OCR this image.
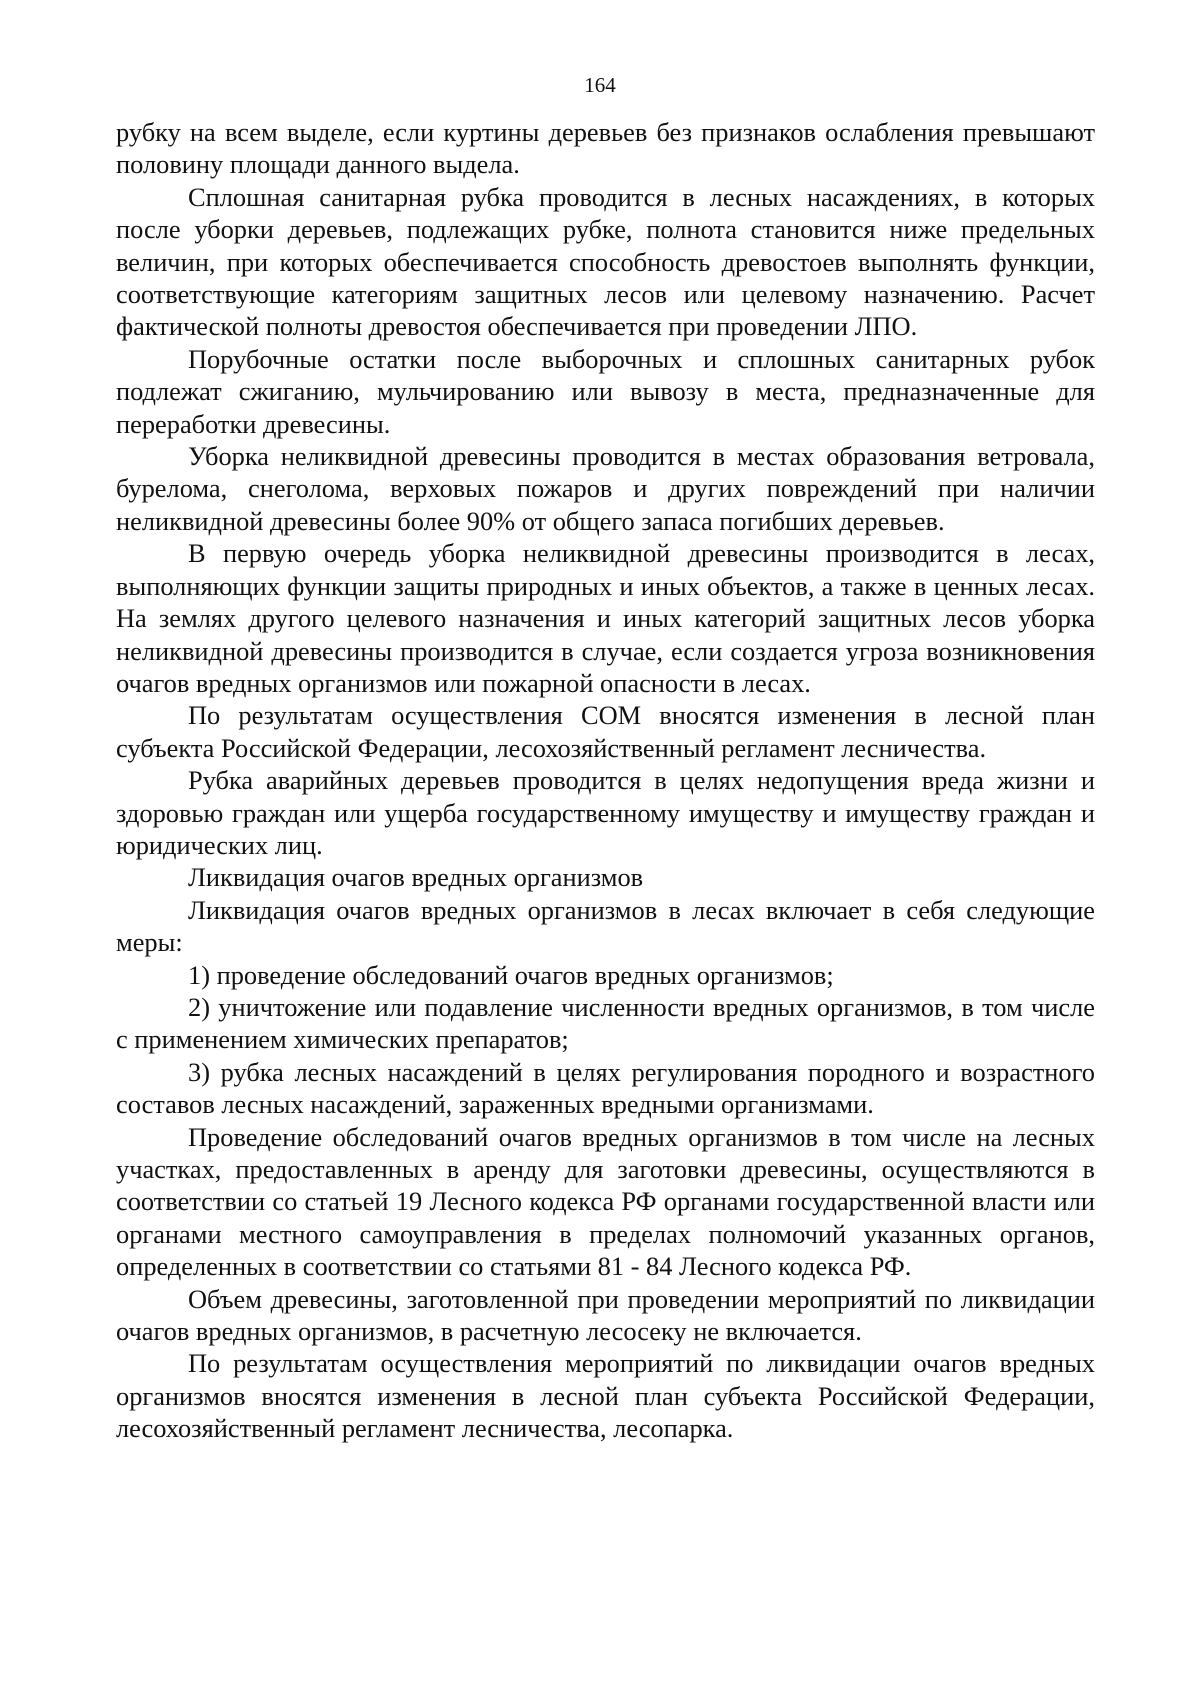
164

рубку на всем выделе, если куртины деревьев без признаков ослабления превышают половину площади данного выдела.

Сплошная санитарная рубка проводится в лесных насаждениях, в которых после уборки деревьев, подлежащих рубке, полнота становится ниже предельных величин, при которых обеспечивается способность древостоев выполнять функции, соответствующие категориям защитных лесов или целевому назначению. Расчет фактической полноты древостоя обеспечивается при проведении ЛПО.

Порубочные остатки после выборочных и сплошных санитарных рубок подлежат сжиганию, мульчированию или вывозу в места, предназначенные для переработки древесины.

Уборка неликвидной древесины проводится в местах образования ветровала, бурелома, снеголома, верховых пожаров и других повреждений при наличии неликвидной древесины более 90% от общего запаса погибших деревьев.

В первую очередь уборка неликвидной древесины производится в лесах, выполняющих функции защиты природных и иных объектов, а также в ценных лесах. На землях другого целевого назначения и иных категорий защитных лесов уборка неликвидной древесины производится в случае, если создается угроза возникновения очагов вредных организмов или пожарной опасности в лесах.

По результатам осуществления СОМ вносятся изменения в лесной план субъекта Российской Федерации, лесохозяйственный регламент лесничества.

Рубка аварийных деревьев проводится в целях недопущения вреда жизни и здоровью граждан или ущерба государственному имуществу и имуществу граждан и юридических лиц.

Ликвидация очагов вредных организмов

Ликвидация очагов вредных организмов в лесах включает в себя следующие меры:

1) проведение обследований очагов вредных организмов;

2) уничтожение или подавление численности вредных организмов, в том числе с применением химических препаратов;

3) рубка лесных насаждений в целях регулирования породного и возрастного составов лесных насаждений, зараженных вредными организмами.

Проведение обследований очагов вредных организмов в том числе на лесных участках, предоставленных в аренду для заготовки древесины, осуществляются в соответствии со статьей 19 Лесного кодекса РФ органами государственной власти или органами местного самоуправления в пределах полномочий указанных органов, определенных в соответствии со статьями 81 - 84 Лесного кодекса РФ.

Объем древесины, заготовленной при проведении мероприятий по ликвидации очагов вредных организмов, в расчетную лесосеку не включается.

По результатам осуществления мероприятий по ликвидации очагов вредных организмов вносятся изменения в лесной план субъекта Российской Федерации, лесохозяйственный регламент лесничества, лесопарка.
